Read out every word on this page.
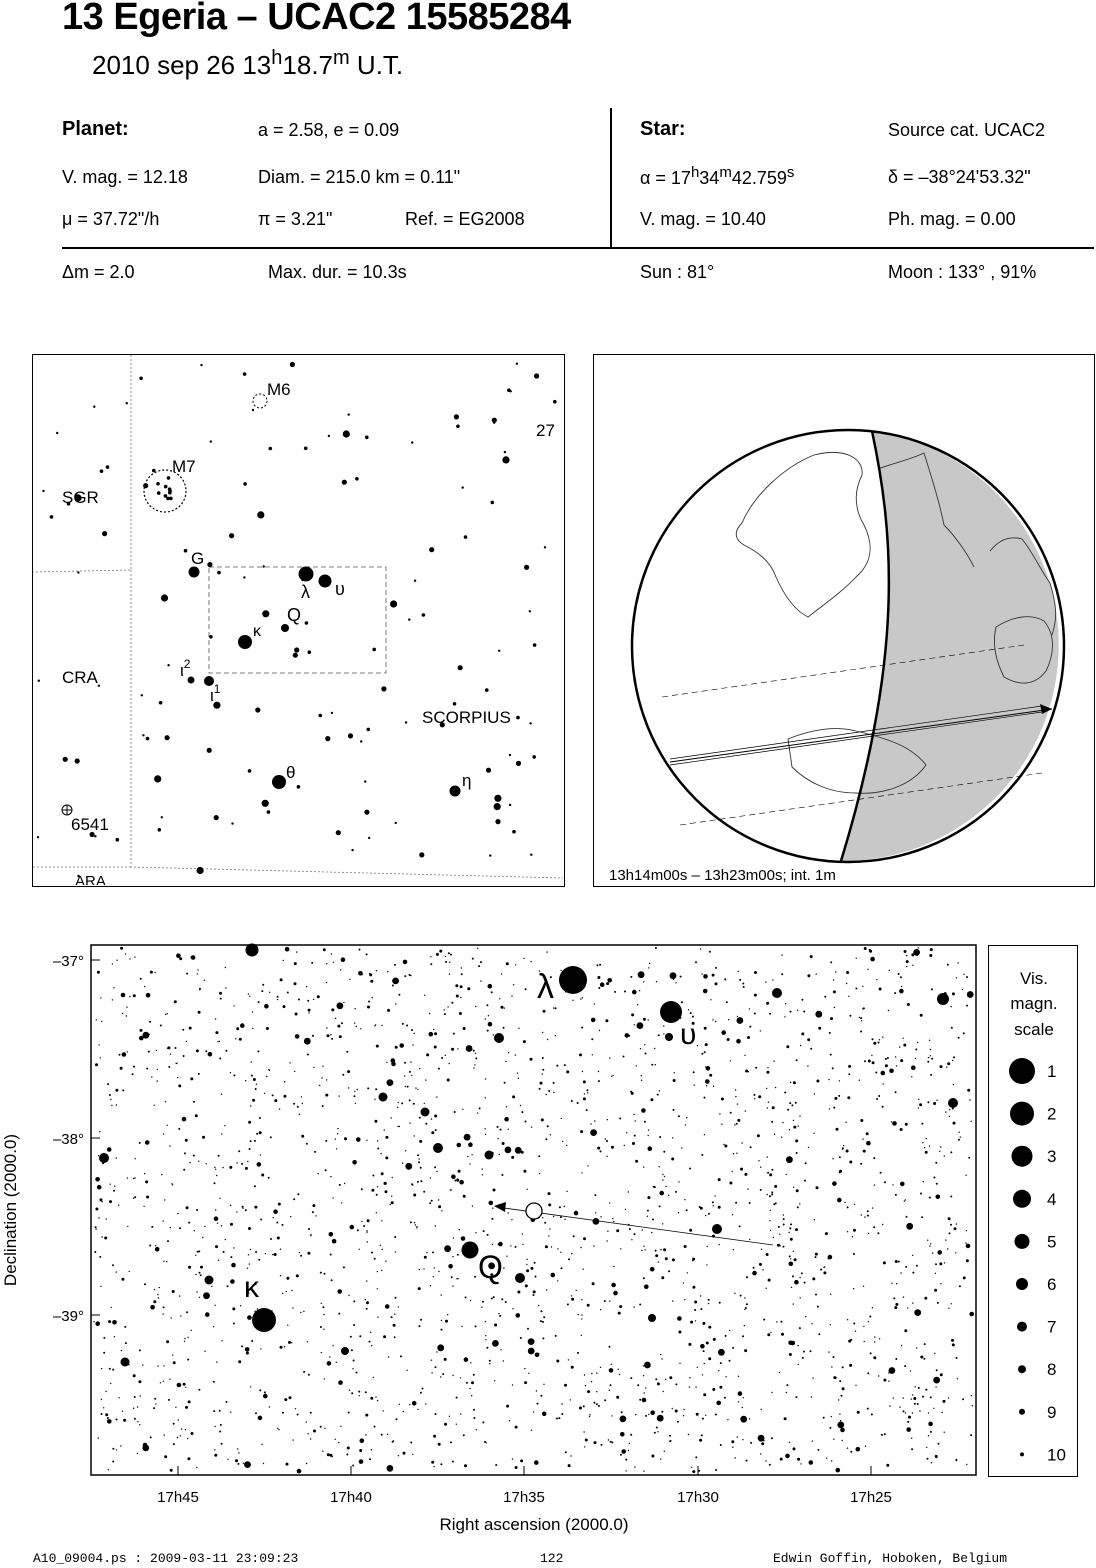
13 Egeria – UCAC2 15585284
2010 sep 26 13$^h$18.7$^m$ U.T.
Planet:	a = 2.58, e = 0.09
V. mag. = 12.18	Diam. = 215.0 km = 0.11"
μ = 37.72"/h	π = 3.21"	Ref. = EG2008
Star:	Source cat. UCAC2
$\alpha = 17^h34^m42.759^s$	δ = –38°24'53.32"
V. mag. = 10.40	Ph. mag. = 0.00
Δm = 2.0	Max. dur. = 10.3s	Sun : 81°	Moon : 133° , 91%
M6
M7
27
SGR
G
λ υ
Q
κ
$\iota^2$
$\iota^1$
CRA
SCORPIUS
θ	η
6541
ARA	13h14m00s – 13h23m00s; int. 1m
λ
υ
κ
Q
–37°
–38°
–39°
17h45	17h40	17h35	17h30	17h25
Right ascension (2000.0)
Declination (2000.0)
Vis.
magn.
scale
1
2
3
4
5
6
7
8
9
10
A10_09004.ps : 2009-03-11 23:09:23	122	Edwin Goffin, Hoboken, Belgium
